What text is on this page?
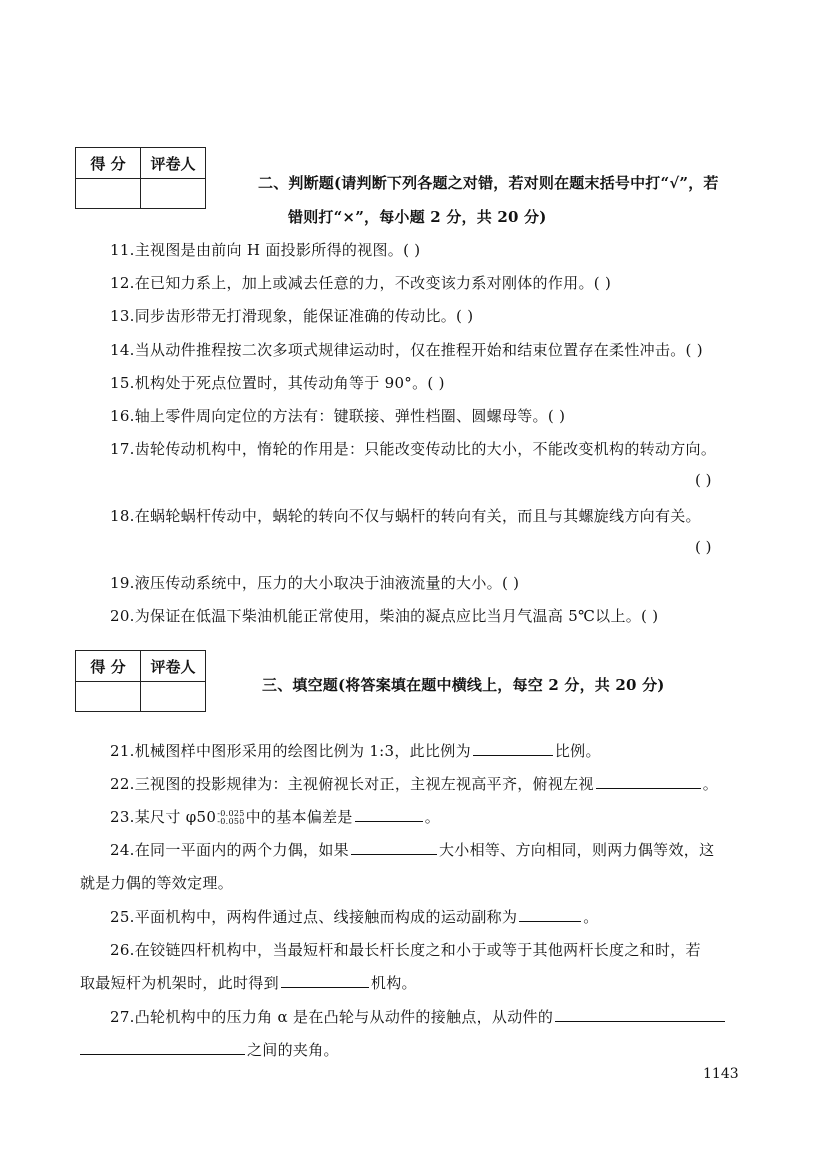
得 分	评卷人

二、判断题(请判断下列各题之对错，若对则在题末括号中打“√”，若
错则打“×”，每小题 2 分，共 20 分)
11.主视图是由前向 H 面投影所得的视图。( )
12.在已知力系上，加上或减去任意的力，不改变该力系对刚体的作用。( )
13.同步齿形带无打滑现象，能保证准确的传动比。( )
14.当从动件推程按二次多项式规律运动时，仅在推程开始和结束位置存在柔性冲击。( )
15.机构处于死点位置时，其传动角等于 90°。( )
16.轴上零件周向定位的方法有：键联接、弹性档圈、圆螺母等。( )
17.齿轮传动机构中，惰轮的作用是：只能改变传动比的大小，不能改变机构的转动方向。
( )
18.在蜗轮蜗杆传动中，蜗轮的转向不仅与蜗杆的转向有关，而且与其螺旋线方向有关。
( )
19.液压传动系统中，压力的大小取决于油液流量的大小。( )
20.为保证在低温下柴油机能正常使用，柴油的凝点应比当月气温高 5℃以上。( )
得 分	评卷人

三、填空题(将答案填在题中横线上，每空 2 分，共 20 分)
21.机械图样中图形采用的绘图比例为 1:3，此比例为	比例。
22.三视图的投影规律为：主视俯视长对正，主视左视高平齐，俯视左视	。
23.某尺寸 φ50 -0.025
-0.050 中的基本偏差是	。
24.在同一平面内的两个力偶，如果	大小相等、方向相同，则两力偶等效，这
就是力偶的等效定理。
25.平面机构中，两构件通过点、线接触而构成的运动副称为	。
26.在铰链四杆机构中，当最短杆和最长杆长度之和小于或等于其他两杆长度之和时，若
取最短杆为机架时，此时得到	机构。
27.凸轮机构中的压力角 α 是在凸轮与从动件的接触点，从动件的
之间的夹角。
1143
